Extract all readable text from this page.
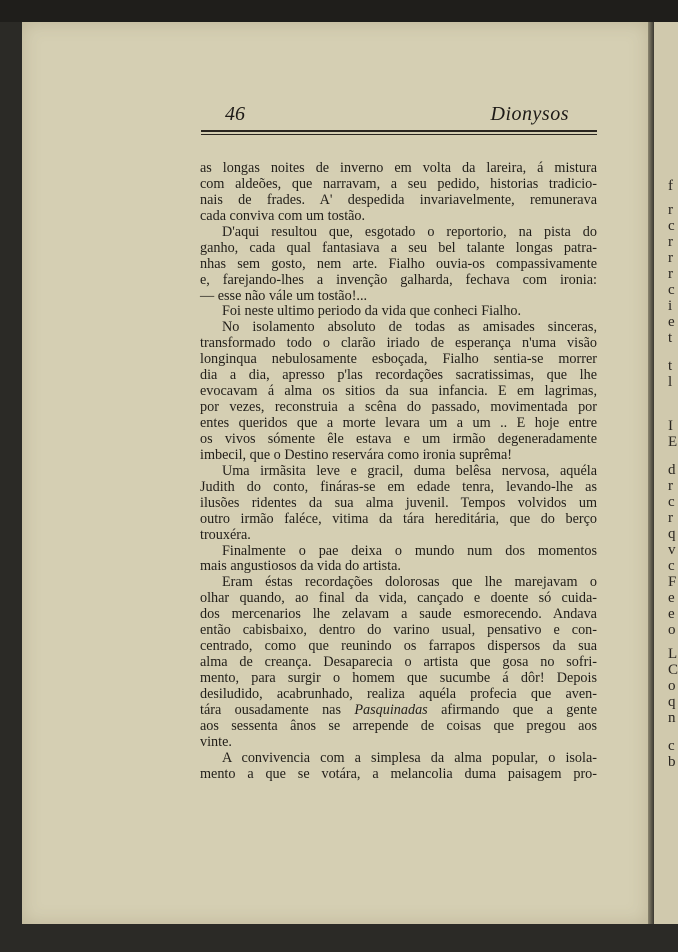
f
r
c
r
r
r
c
i
e
t
t
l
I
E
d
r
c
r
q
v
c
F
e
e
o
L
C
o
q
n
c
b
46	Dionysos
as longas noites de inverno em volta da lareira, á mistura
com aldeões, que narravam, a seu pedido, historias tradicio-
nais de frades. A' despedida invariavelmente, remunerava
cada conviva com um tostão.
D'aqui resultou que, esgotado o reportorio, na pista do
ganho, cada qual fantasiava a seu bel talante longas patra-
nhas sem gosto, nem arte. Fialho ouvia-os compassivamente
e, farejando-lhes a invenção galharda, fechava com ironia:
— esse não vále um tostão!...
Foi neste ultimo periodo da vida que conheci Fialho.
No isolamento absoluto de todas as amisades sinceras,
transformado todo o clarão iriado de esperança n'uma visão
longinqua nebulosamente esboçada, Fialho sentia-se morrer
dia a dia, apresso p'las recordações sacratissimas, que lhe
evocavam á alma os sitios da sua infancia. E em lagrimas,
por vezes, reconstruia a scêna do passado, movimentada por
entes queridos que a morte levara um a um .. E hoje entre
os vivos sómente êle estava e um irmão degeneradamente
imbecil, que o Destino reservára como ironia suprêma!
Uma irmãsita leve e gracil, duma belêsa nervosa, aquéla
Judith do conto, fináras-se em edade tenra, levando-lhe as
ilusões ridentes da sua alma juvenil. Tempos volvidos um
outro irmão faléce, vitima da tára hereditária, que do berço
trouxéra.
Finalmente o pae deixa o mundo num dos momentos
mais angustiosos da vida do artista.
Eram éstas recordações dolorosas que lhe marejavam o
olhar quando, ao final da vida, cançado e doente só cuida-
dos mercenarios lhe zelavam a saude esmorecendo. Andava
então cabisbaixo, dentro do varino usual, pensativo e con-
centrado, como que reunindo os farrapos dispersos da sua
alma de creança. Desaparecia o artista que gosa no sofri-
mento, para surgir o homem que sucumbe á dôr! Depois
desiludido, acabrunhado, realiza aquéla profecia que aven-
tára ousadamente nas Pasquinadas afirmando que a gente
aos sessenta ânos se arrepende de coisas que pregou aos
vinte.
A convivencia com a simplesa da alma popular, o isola-
mento a que se votára, a melancolia duma paisagem pro-
